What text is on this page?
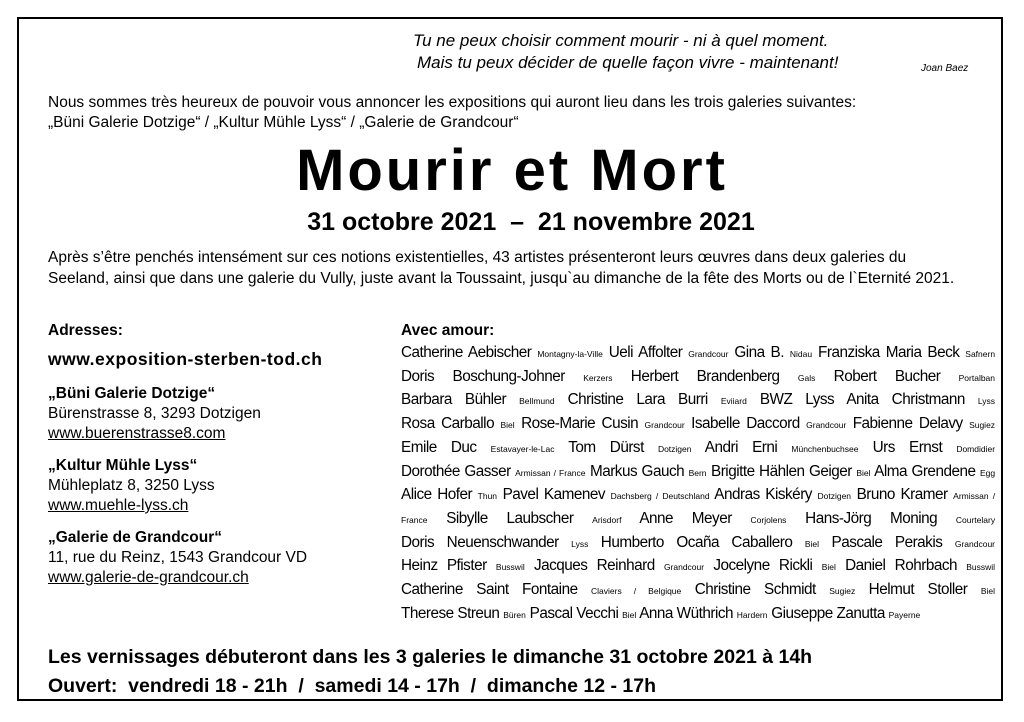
Tu ne peux choisir comment mourir - ni à quel moment.
Mais tu peux décider de quelle façon vivre - maintenant!	Joan Baez
Nous sommes très heureux de pouvoir vous annoncer les expositions qui auront lieu dans les trois galeries suivantes:
„Büni Galerie Dotzige“ / „Kultur Mühle Lyss“ / „Galerie de Grandcour“
Mourir et Mort
31 octobre 2021  –  21 novembre 2021
Après s’être penchés intensément sur ces notions existentielles, 43 artistes présenteront leurs œuvres dans deux galeries du Seeland, ainsi que dans une galerie du Vully, juste avant la Toussaint, jusqu`au dimanche de la fête des Morts ou de l`Eternité 2021.
Adresses:
www.exposition-sterben-tod.ch
„Büni Galerie Dotzige“
Bürenstrasse 8, 3293 Dotzigen
www.buerenstrasse8.com
„Kultur Mühle Lyss“
Mühleplatz 8, 3250 Lyss
www.muehle-lyss.ch
„Galerie de Grandcour“
11, rue du Reinz, 1543 Grandcour VD
www.galerie-de-grandcour.ch
Avec amour:
Catherine Aebischer Montagny-la-Ville Ueli Affolter Grandcour Gina B. Nidau Franziska Maria Beck Safnern Doris Boschung-Johner Kerzers Herbert Brandenberg Gals Robert Bucher Portalban Barbara Bühler Bellmund Christine Lara Burri Eviiard BWZ Lyss Anita Christmann Lyss Rosa Carballo Biel Rose-Marie Cusin Grandcour Isabelle Daccord Grandcour Fabienne Delavy Sugiez Emile Duc Estavayer-le-Lac Tom Dürst Dotzigen Andri Erni Münchenbuchsee Urs Ernst Domdidier Dorothée Gasser Armissan / France Markus Gauch Bern Brigitte Hählen Geiger Biel Alma Grendene Egg Alice Hofer Thun Pavel Kamenev Dachsberg / Deutschland Andras Kiskéry Dotzigen Bruno Kramer Armissan / France Sibylle Laubscher Arisdorf Anne Meyer Corjolens Hans-Jörg Moning Courtelary Doris Neuenschwander Lyss Humberto Ocaña Caballero Biel Pascale Perakis Grandcour Heinz Pfister Busswil Jacques Reinhard Grandcour Jocelyne Rickli Biel Daniel Rohrbach Busswil Catherine Saint Fontaine Claviers / Belgique Christine Schmidt Sugiez Helmut Stoller Biel Therese Streun Büren Pascal Vecchi Biel Anna Wüthrich Hardern Giuseppe Zanutta Payerne
Les vernissages débuteront dans les 3 galeries le dimanche 31 octobre 2021 à 14h
Ouvert:  vendredi 18 - 21h  /  samedi 14 - 17h  /  dimanche 12 - 17h
